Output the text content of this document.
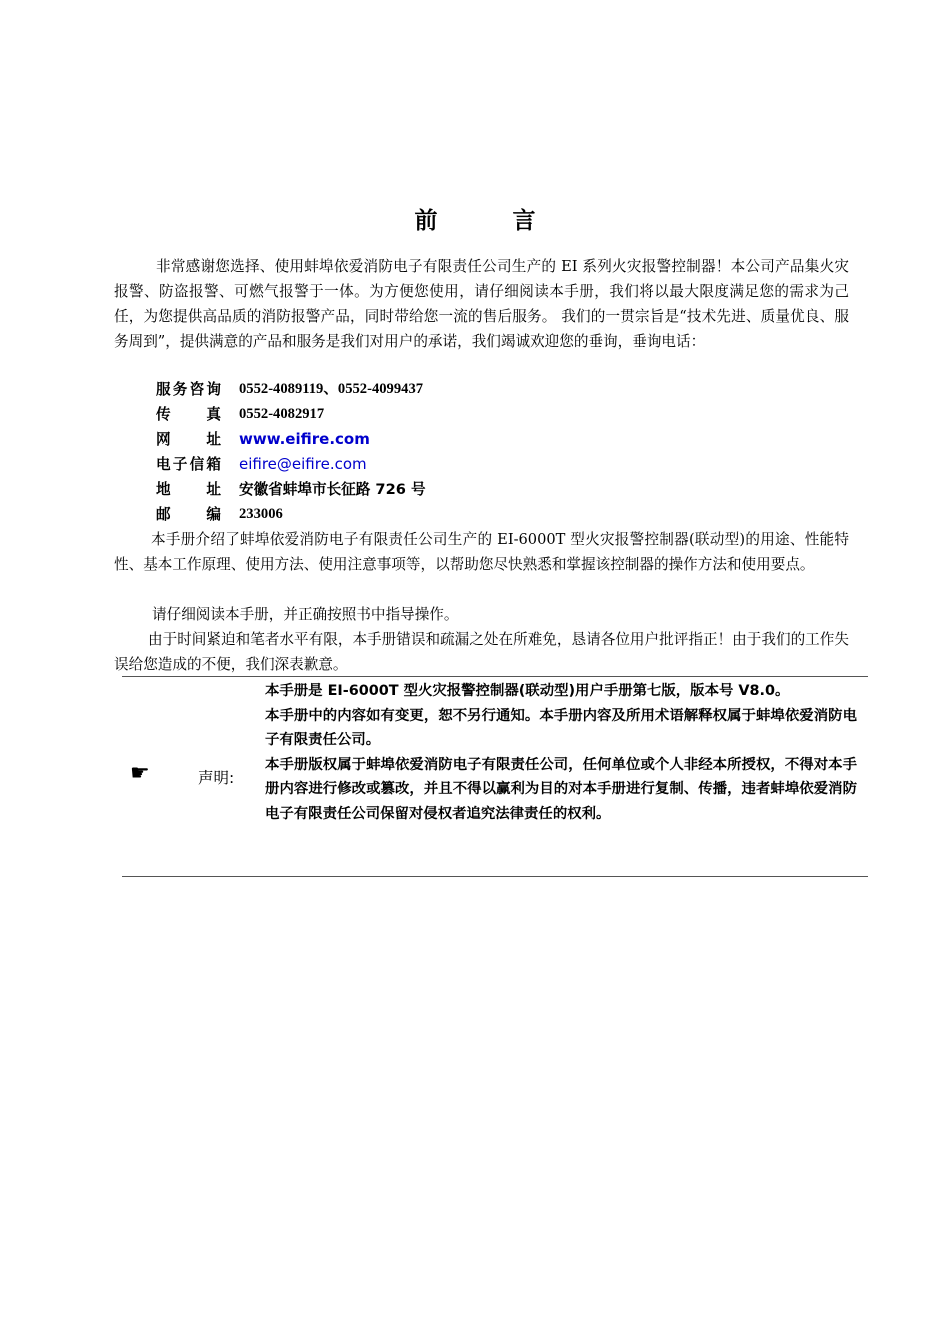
前　言
非常感谢您选择、使用蚌埠依爱消防电子有限责任公司生产的 EI 系列火灾报警控制器！本公司产品集火灾报警、防盗报警、可燃气报警于一体。为方便您使用，请仔细阅读本手册，我们将以最大限度满足您的需求为己任，为您提供高品质的消防报警产品，同时带给您一流的售后服务。 我们的一贯宗旨是“技术先进、质量优良、服务周到”，提供满意的产品和服务是我们对用户的承诺，我们竭诚欢迎您的垂询，垂询电话：
服务咨询 0552-4089119、0552-4099437
传真 0552-4082917
网址 www.eifire.com
电子信箱 eifire@eifire.com
地址 安徽省蚌埠市长征路 726 号
邮编 233006
本手册介绍了蚌埠依爱消防电子有限责任公司生产的 EI-6000T 型火灾报警控制器(联动型)的用途、性能特性、基本工作原理、使用方法、使用注意事项等，以帮助您尽快熟悉和掌握该控制器的操作方法和使用要点。
请仔细阅读本手册，并正确按照书中指导操作。
由于时间紧迫和笔者水平有限，本手册错误和疏漏之处在所难免，恳请各位用户批评指正！由于我们的工作失误给您造成的不便，我们深表歉意。
☛	声明:

本手册是 EI-6000T 型火灾报警控制器(联动型)用户手册第七版，版本号 V8.0。

本手册中的内容如有变更，恕不另行通知。本手册内容及所用术语解释权属于蚌埠依爱消防电子有限责任公司。

本手册版权属于蚌埠依爱消防电子有限责任公司，任何单位或个人非经本所授权，不得对本手册内容进行修改或篡改，并且不得以赢利为目的对本手册进行复制、传播，违者蚌埠依爱消防电子有限责任公司保留对侵权者追究法律责任的权利。
